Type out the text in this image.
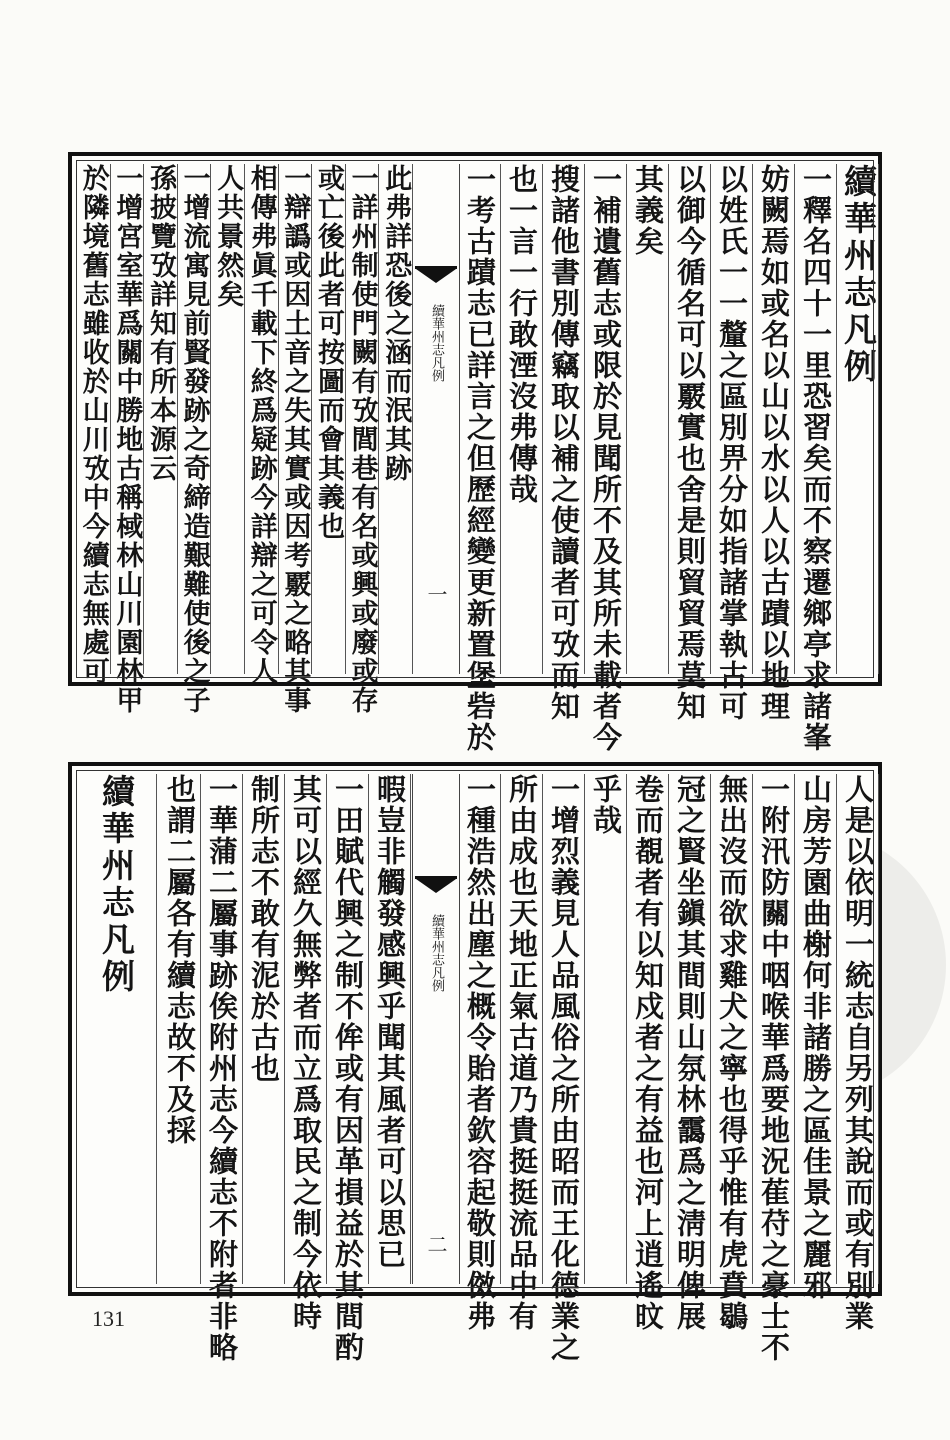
續華州志凡例
一釋名四十一里恐習矣而不察遷鄉亭求諸峯
妨闕焉如或名以山以水以人以古蹟以地理
以姓氏一一釐之區別畀分如指諸掌執古可
以御今循名可以覈實也舍是則貿貿焉莫知
其義矣
一補遺舊志或限於見聞所不及其所未載者今
搜諸他書別傳竊取以補之使讀者可攷而知
也一言一行敢湮沒弗傳哉
一考古蹟志已詳言之但歷經變更新置堡砦於
續華州志凡例
一
此弗詳恐後之涵而泯其跡
一詳州制使門闕有攷閭巷有名或興或廢或存
或亡後此者可按圖而會其義也
一辯譌或因土音之失其實或因考覈之略其事
相傳弗眞千載下終爲疑跡今詳辯之可令人
人共㬌然矣
一增流寓見前賢發跡之奇締造艱難使後之子
孫披覽攷詳知有所本源云
一增宮室華爲關中勝地古稱棫林山川園林甲
於隣境舊志雖收於山川攷中今續志無處可
人是以依明一統志自另列其說而或有別業
山房芳園曲榭何非諸勝之區佳景之麗邪
一附汛防關中咽喉華爲要地況萑苻之豪士不
無出沒而欲求雞犬之寧也得乎惟有虎賁鶡
冠之賢坐鎭其間則山氛林靄爲之淸明俾展
卷而覩者有以知戍者之有益也河上逍遙旼
乎哉
一增烈義見人品風俗之所由昭而王化德業之
所由成也天地正氣古道乃貴挺挺流品中有
一種浩然出塵之概令貽者欽容起敬則傚弗
續華州志凡例
二
暇豈非觸發感興乎聞其風者可以思已
一田賦代興之制不侔或有因革損益於其間酌
其可以經久無弊者而立爲取民之制今依時
制所志不敢有泥於古也
一華蒲二屬事跡俟附州志今續志不附者非略
也謂二屬各有續志故不及採
續華州志凡例
131
